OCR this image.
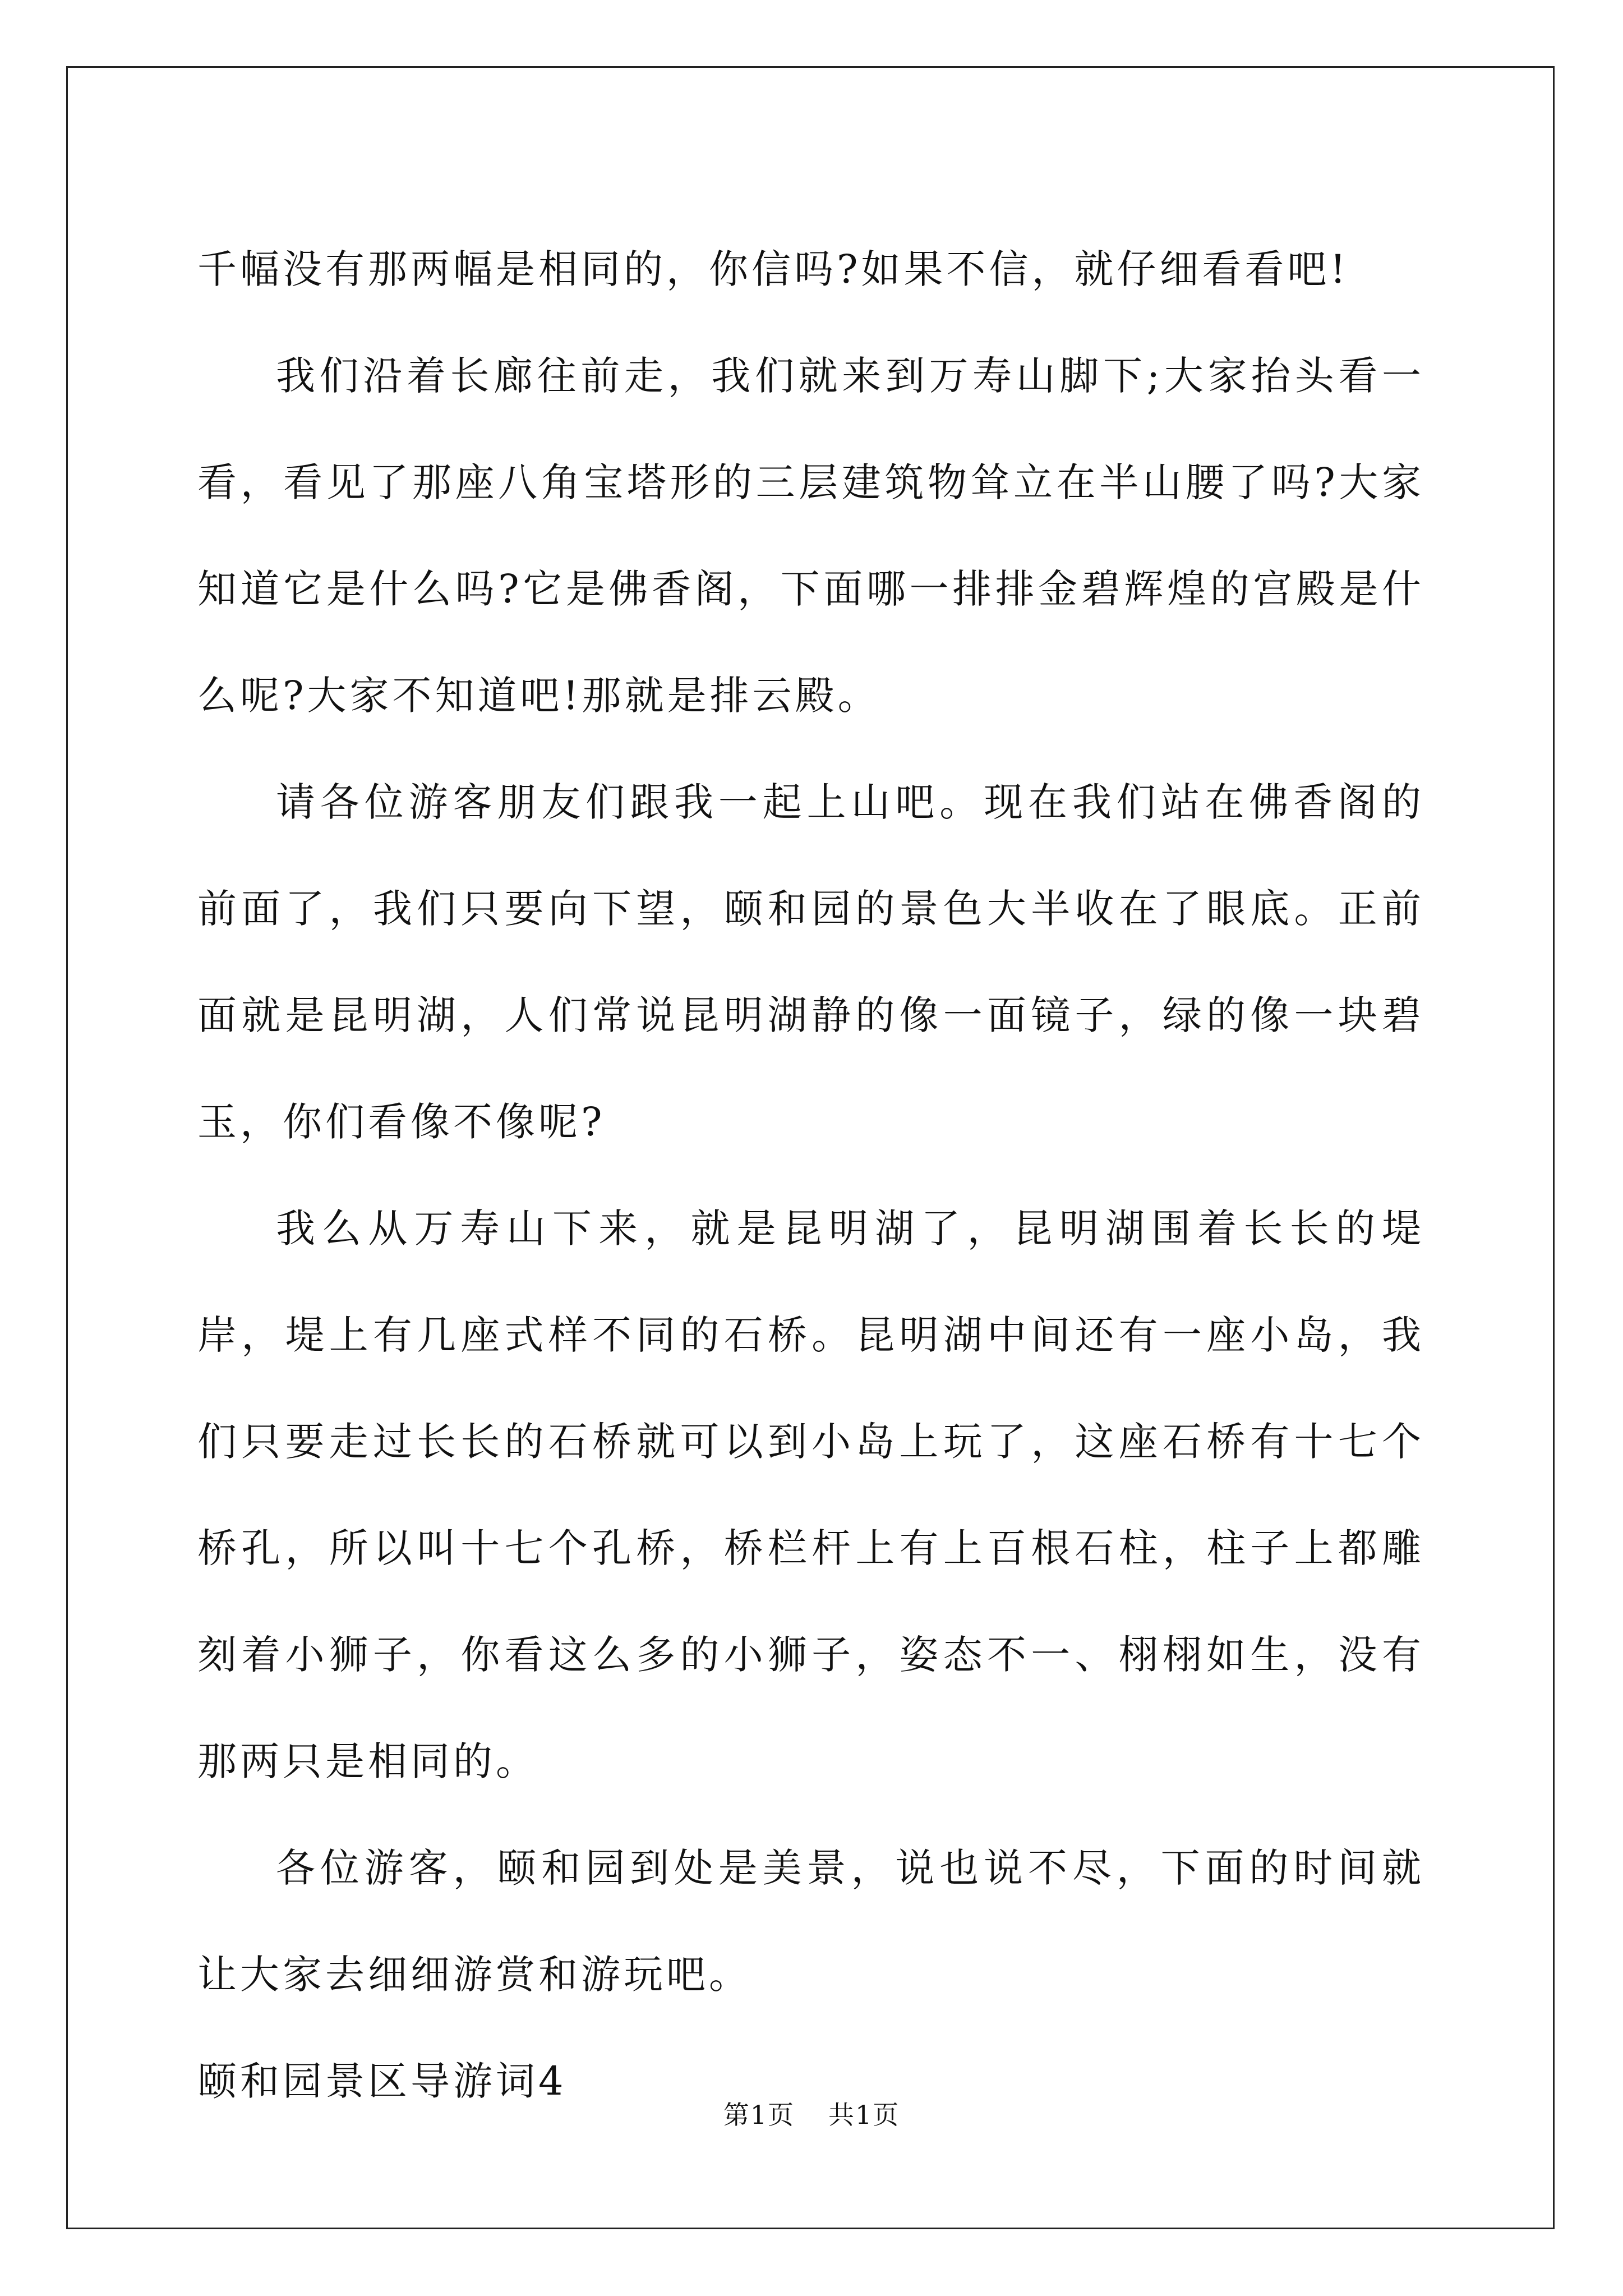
千幅没有那两幅是相同的，你信吗?如果不信，就仔细看看吧!

我们沿着长廊往前走，我们就来到万寿山脚下;大家抬头看一看，看见了那座八角宝塔形的三层建筑物耸立在半山腰了吗?大家知道它是什么吗?它是佛香阁，下面哪一排排金碧辉煌的宫殿是什么呢?大家不知道吧!那就是排云殿。

请各位游客朋友们跟我一起上山吧。现在我们站在佛香阁的前面了，我们只要向下望，颐和园的景色大半收在了眼底。正前面就是昆明湖，人们常说昆明湖静的像一面镜子，绿的像一块碧玉，你们看像不像呢?

我么从万寿山下来，就是昆明湖了，昆明湖围着长长的堤岸，堤上有几座式样不同的石桥。昆明湖中间还有一座小岛，我们只要走过长长的石桥就可以到小岛上玩了，这座石桥有十七个桥孔，所以叫十七个孔桥，桥栏杆上有上百根石柱，柱子上都雕刻着小狮子，你看这么多的小狮子，姿态不一、栩栩如生，没有那两只是相同的。

各位游客，颐和园到处是美景，说也说不尽，下面的时间就让大家去细细游赏和游玩吧。

颐和园景区导游词4

第1页 共1页
